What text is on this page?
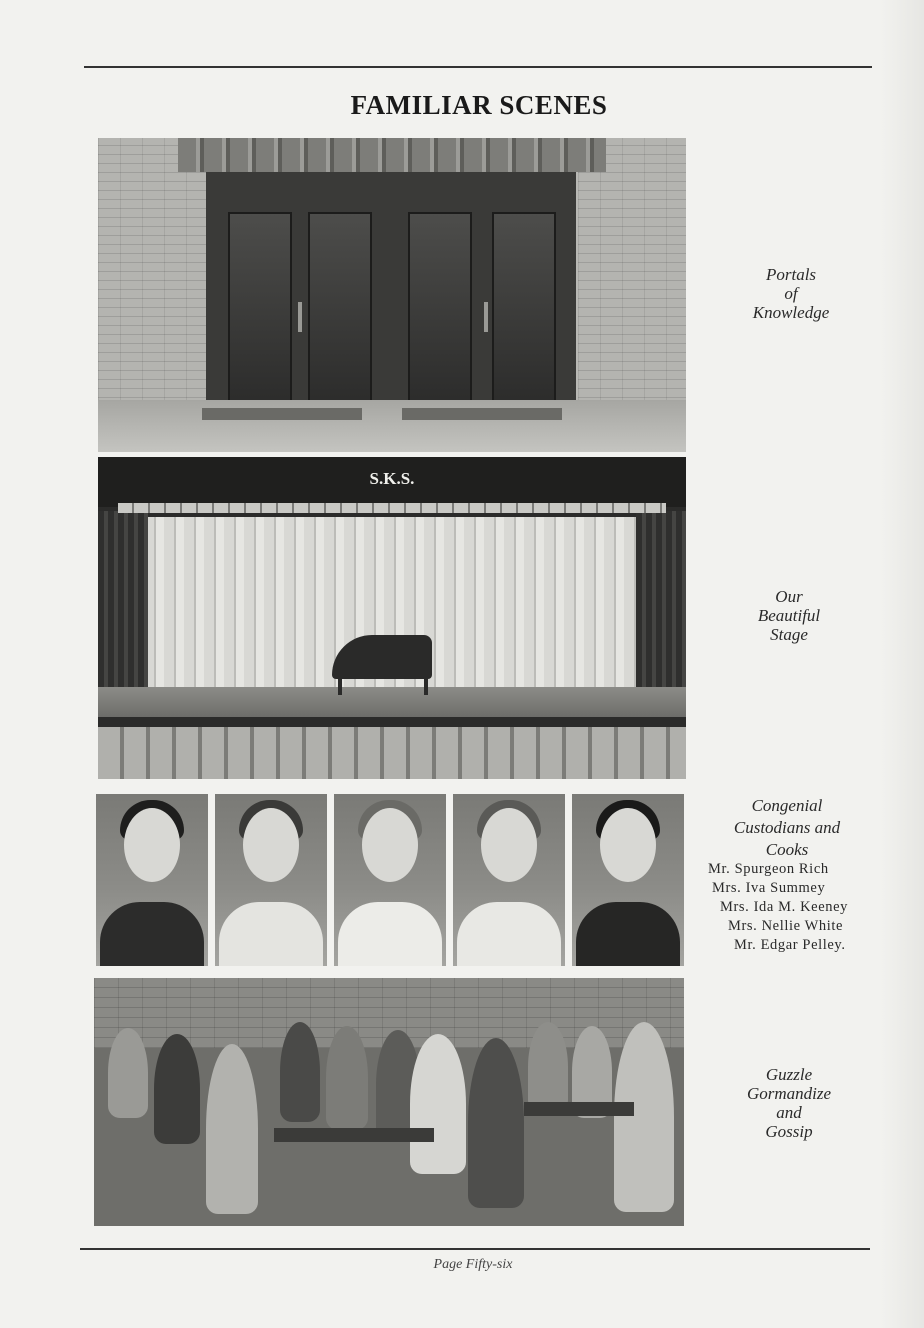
FAMILIAR SCENES
S.K.S.
Portals
of
Knowledge
Our
Beautiful
Stage
Congenial
Custodians and
Cooks
Mr. Spurgeon Rich
Mrs. Iva Summey
Mrs. Ida M. Keeney
Mrs. Nellie White
Mr. Edgar Pelley.
Guzzle
Gormandize
and
Gossip
Page Fifty-six
